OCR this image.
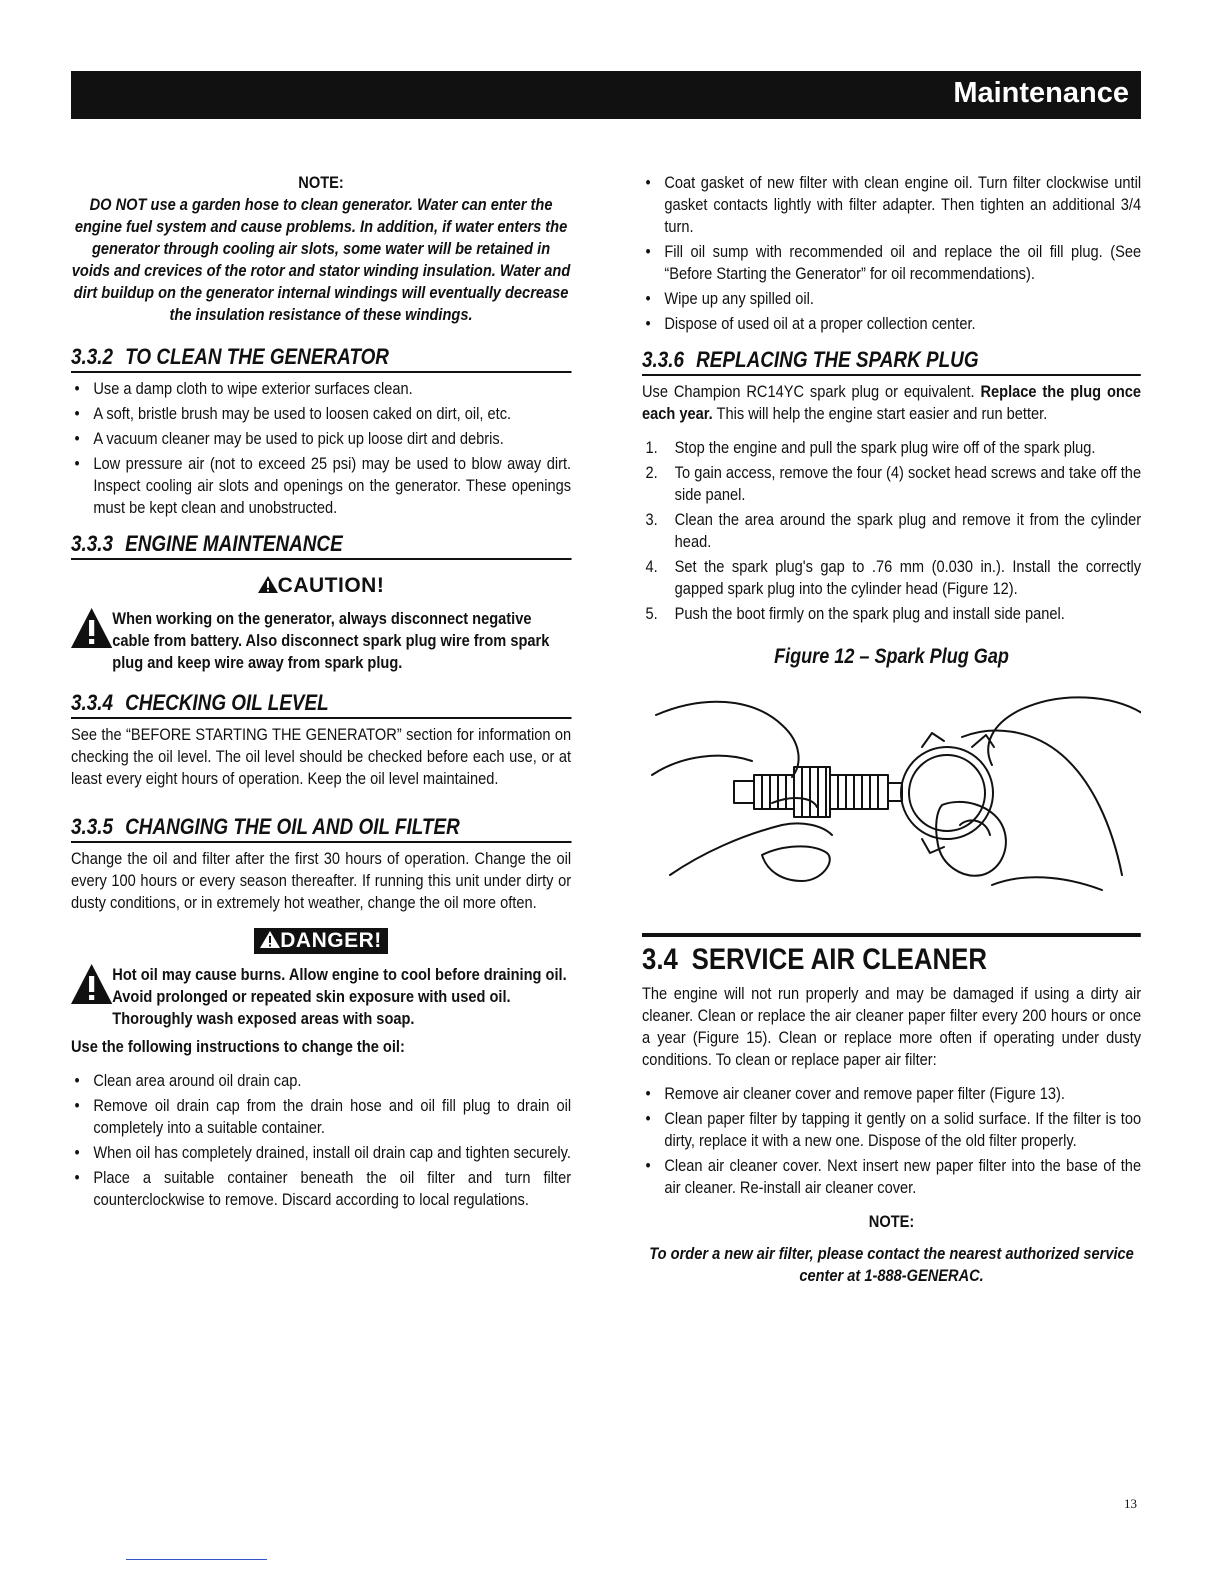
Maintenance
NOTE:
DO NOT use a garden hose to clean generator. Water can enter the engine fuel system and cause problems. In addition, if water enters the generator through cooling air slots, some water will be retained in voids and crevices of the rotor and stator winding insulation. Water and dirt buildup on the generator internal windings will eventually decrease the insulation resistance of these windings.
3.3.2 TO CLEAN THE GENERATOR
• Use a damp cloth to wipe exterior surfaces clean.
• A soft, bristle brush may be used to loosen caked on dirt, oil, etc.
• A vacuum cleaner may be used to pick up loose dirt and debris.
• Low pressure air (not to exceed 25 psi) may be used to blow away dirt. Inspect cooling air slots and openings on the generator. These openings must be kept clean and unobstructed.
3.3.3 ENGINE MAINTENANCE
CAUTION!
When working on the generator, always disconnect negative cable from battery. Also disconnect spark plug wire from spark plug and keep wire away from spark plug.
3.3.4 CHECKING OIL LEVEL

See the “BEFORE STARTING THE GENERATOR” section for information on checking the oil level. The oil level should be checked before each use, or at least every eight hours of operation. Keep the oil level maintained.

3.3.5 CHANGING THE OIL AND OIL FILTER

Change the oil and filter after the first 30 hours of operation. Change the oil every 100 hours or every season thereafter. If running this unit under dirty or dusty conditions, or in extremely hot weather, change the oil more often.

DANGER!
Hot oil may cause burns. Allow engine to cool before draining oil. Avoid prolonged or repeated skin exposure with used oil. Thoroughly wash exposed areas with soap.

Use the following instructions to change the oil:

• Clean area around oil drain cap.
• Remove oil drain cap from the drain hose and oil fill plug to drain oil completely into a suitable container.
• When oil has completely drained, install oil drain cap and tighten securely.
• Place a suitable container beneath the oil filter and turn filter counterclockwise to remove. Discard according to local regulations.
• Coat gasket of new filter with clean engine oil. Turn filter clockwise until gasket contacts lightly with filter adapter. Then tighten an additional 3/4 turn.
• Fill oil sump with recommended oil and replace the oil fill plug. (See “Before Starting the Generator” for oil recommendations).
• Wipe up any spilled oil.
• Dispose of used oil at a proper collection center.
3.3.6 REPLACING THE SPARK PLUG

Use Champion RC14YC spark plug or equivalent. Replace the plug once each year. This will help the engine start easier and run better.

1. Stop the engine and pull the spark plug wire off of the spark plug.
2. To gain access, remove the four (4) socket head screws and take off the side panel.
3. Clean the area around the spark plug and remove it from the cylinder head.
4. Set the spark plug's gap to .76 mm (0.030 in.). Install the correctly gapped spark plug into the cylinder head (Figure 12).
5. Push the boot firmly on the spark plug and install side panel.
Figure 12 – Spark Plug Gap
3.4 SERVICE AIR CLEANER

The engine will not run properly and may be damaged if using a dirty air cleaner. Clean or replace the air cleaner paper filter every 200 hours or once a year (Figure 15). Clean or replace more often if operating under dusty conditions. To clean or replace paper air filter:

• Remove air cleaner cover and remove paper filter (Figure 13).
• Clean paper filter by tapping it gently on a solid surface. If the filter is too dirty, replace it with a new one. Dispose of the old filter properly.
• Clean air cleaner cover. Next insert new paper filter into the base of the air cleaner. Re-install air cleaner cover.
NOTE:
To order a new air filter, please contact the nearest authorized service center at 1-888-GENERAC.
13
